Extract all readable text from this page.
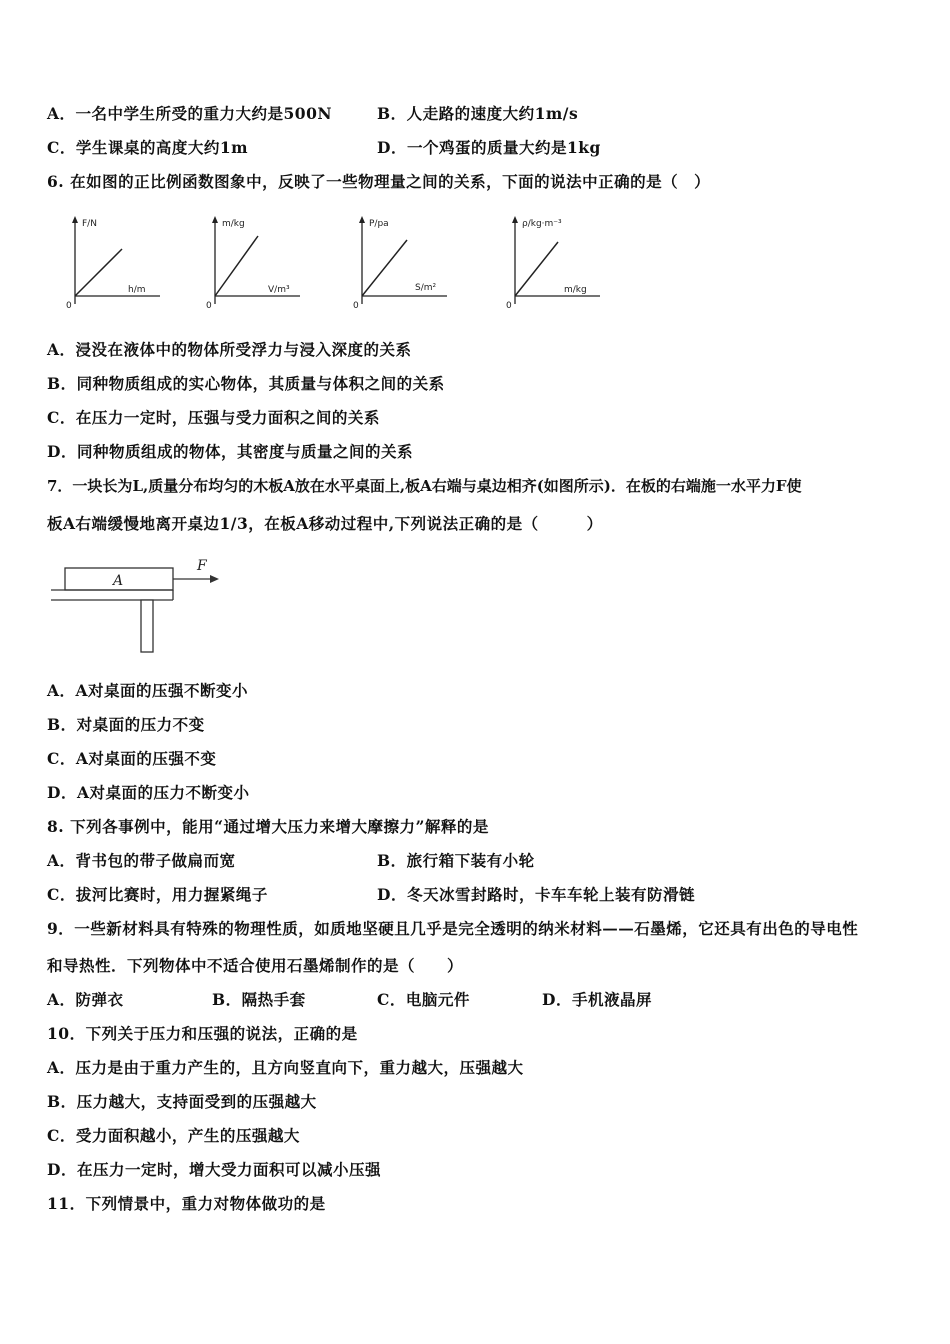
A．一名中学生所受的重力大约是500N	B．人走路的速度大约1m/s
C．学生课桌的高度大约1m	D．一个鸡蛋的质量大约是1kg
6. 在如图的正比例函数图象中，反映了一些物理量之间的关系，下面的说法中正确的是（　）
F/N
h/m
0
m/kg
V/m³
0
P/pa
S/m²
0
ρ/kg·m⁻³
m/kg
0
A．浸没在液体中的物体所受浮力与浸入深度的关系
B．同种物质组成的实心物体，其质量与体积之间的关系
C．在压力一定时，压强与受力面积之间的关系
D．同种物质组成的物体，其密度与质量之间的关系
7．一块长为L,质量分布均匀的木板A放在水平桌面上,板A右端与桌边相齐(如图所示)．在板的右端施一水平力F使
板A右端缓慢地离开桌边1/3，在板A移动过程中,下列说法正确的是（　　　）
A
F
A．A对桌面的压强不断变小
B．对桌面的压力不变
C．A对桌面的压强不变
D．A对桌面的压力不断变小
8. 下列各事例中，能用“通过增大压力来增大摩擦力”解释的是
A．背书包的带子做扁而宽	B．旅行箱下装有小轮
C．拔河比赛时，用力握紧绳子	D．冬天冰雪封路时，卡车车轮上装有防滑链
9．一些新材料具有特殊的物理性质，如质地坚硬且几乎是完全透明的纳米材料——石墨烯，它还具有出色的导电性
和导热性．下列物体中不适合使用石墨烯制作的是（　　）
A．防弹衣	B．隔热手套	C．电脑元件	D．手机液晶屏
10．下列关于压力和压强的说法，正确的是
A．压力是由于重力产生的，且方向竖直向下，重力越大，压强越大
B．压力越大，支持面受到的压强越大
C．受力面积越小，产生的压强越大
D．在压力一定时，增大受力面积可以减小压强
11．下列情景中，重力对物体做功的是
